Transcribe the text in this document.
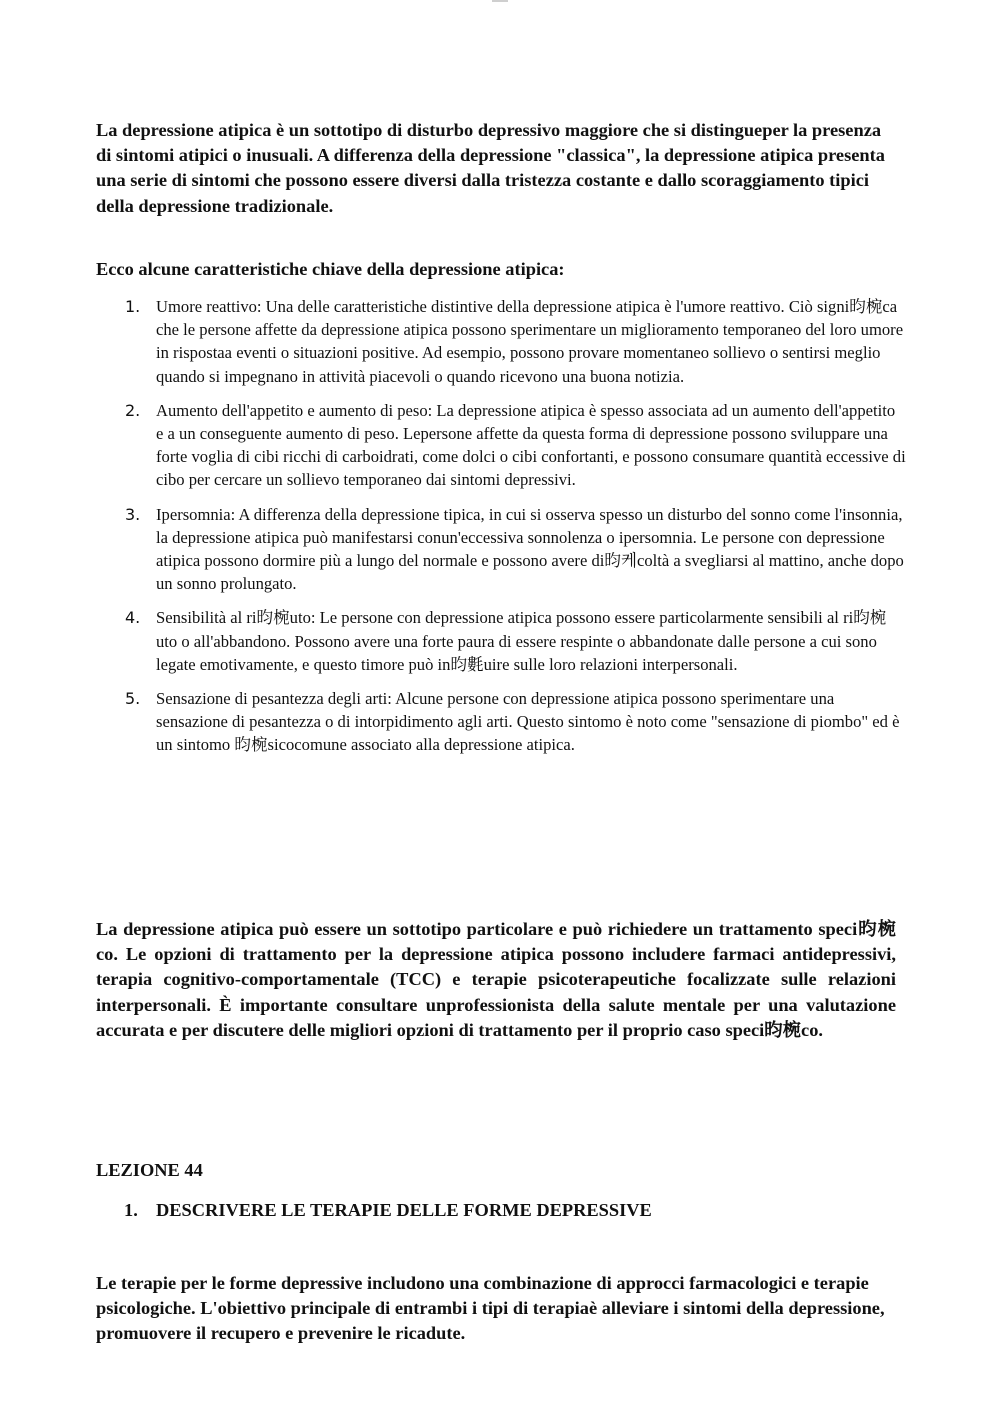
La depressione atipica è un sottotipo di disturbo depressivo maggiore che si distingueper la presenza di sintomi atipici o inusuali. A differenza della depressione "classica", la depressione atipica presenta una serie di sintomi che possono essere diversi dalla tristezza costante e dallo scoraggiamento tipici della depressione tradizionale.

Ecco alcune caratteristiche chiave della depressione atipica:

1. Umore reattivo: Una delle caratteristiche distintive della depressione atipica è l'umore reattivo. Ciò signi昀椀ca che le persone affette da depressione atipica possono sperimentare un miglioramento temporaneo del loro umore in rispostaa eventi o situazioni positive. Ad esempio, possono provare momentaneo sollievo o sentirsi meglio quando si impegnano in attività piacevoli o quando ricevono una buona notizia.
2. Aumento dell'appetito e aumento di peso: La depressione atipica è spesso associata ad un aumento dell'appetito e a un conseguente aumento di peso. Lepersone affette da questa forma di depressione possono sviluppare una forte voglia di cibi ricchi di carboidrati, come dolci o cibi confortanti, e possono consumare quantità eccessive di cibo per cercare un sollievo temporaneo dai sintomi depressivi.
3. Ipersomnia: A differenza della depressione tipica, in cui si osserva spesso un disturbo del sonno come l'insonnia, la depressione atipica può manifestarsi conun'eccessiva sonnolenza o ipersomnia. Le persone con depressione atipica possono dormire più a lungo del normale e possono avere di昀케coltà a svegliarsi al mattino, anche dopo un sonno prolungato.
4. Sensibilità al ri昀椀uto: Le persone con depressione atipica possono essere particolarmente sensibili al ri昀椀uto o all'abbandono. Possono avere una forte paura di essere respinte o abbandonate dalle persone a cui sono legate emotivamente, e questo timore può in昀氀uire sulle loro relazioni interpersonali.
5. Sensazione di pesantezza degli arti: Alcune persone con depressione atipica possono sperimentare una sensazione di pesantezza o di intorpidimento agli arti. Questo sintomo è noto come "sensazione di piombo" ed è un sintomo 昀椀sicocomune associato alla depressione atipica.

La depressione atipica può essere un sottotipo particolare e può richiedere un trattamento speci昀椀co. Le opzioni di trattamento per la depressione atipica possono includere farmaci antidepressivi, terapia cognitivo-comportamentale (TCC) e terapie psicoterapeutiche focalizzate sulle relazioni interpersonali. È importante consultare unprofessionista della salute mentale per una valutazione accurata e per discutere delle migliori opzioni di trattamento per il proprio caso speci昀椀co.

LEZIONE 44

1. DESCRIVERE LE TERAPIE DELLE FORME DEPRESSIVE

Le terapie per le forme depressive includono una combinazione di approcci farmacologici e terapie psicologiche. L'obiettivo principale di entrambi i tipi di terapiaè alleviare i sintomi della depressione, promuovere il recupero e prevenire le ricadute.
